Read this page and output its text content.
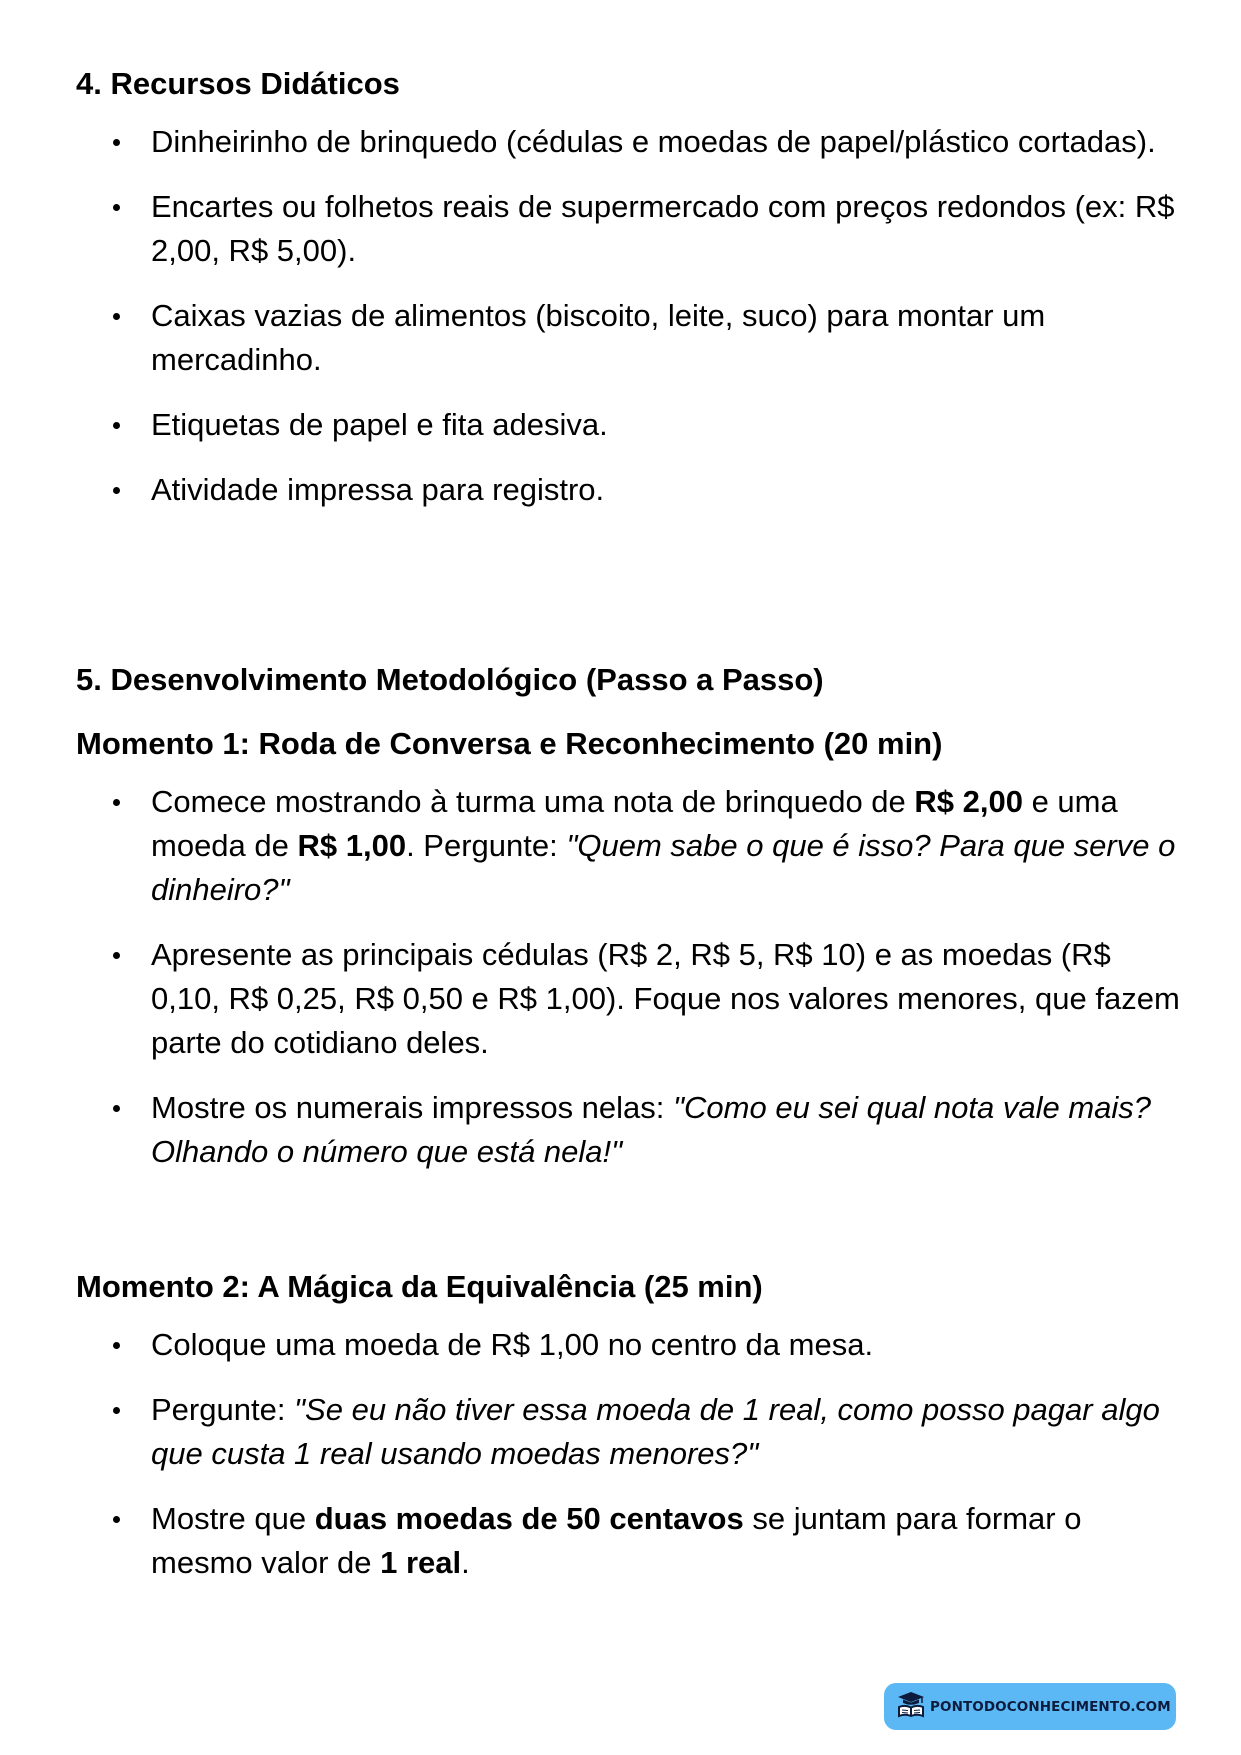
4. Recursos Didáticos
Dinheirinho de brinquedo (cédulas e moedas de papel/plástico cortadas).
Encartes ou folhetos reais de supermercado com preços redondos (ex: R$ 2,00, R$ 5,00).
Caixas vazias de alimentos (biscoito, leite, suco) para montar um mercadinho.
Etiquetas de papel e fita adesiva.
Atividade impressa para registro.
5. Desenvolvimento Metodológico (Passo a Passo)
Momento 1: Roda de Conversa e Reconhecimento (20 min)
Comece mostrando à turma uma nota de brinquedo de R$ 2,00 e uma moeda de R$ 1,00. Pergunte: "Quem sabe o que é isso? Para que serve o dinheiro?"
Apresente as principais cédulas (R$ 2, R$ 5, R$ 10) e as moedas (R$ 0,10, R$ 0,25, R$ 0,50 e R$ 1,00). Foque nos valores menores, que fazem parte do cotidiano deles.
Mostre os numerais impressos nelas: "Como eu sei qual nota vale mais? Olhando o número que está nela!"
Momento 2: A Mágica da Equivalência (25 min)
Coloque uma moeda de R$ 1,00 no centro da mesa.
Pergunte: "Se eu não tiver essa moeda de 1 real, como posso pagar algo que custa 1 real usando moedas menores?"
Mostre que duas moedas de 50 centavos se juntam para formar o mesmo valor de 1 real.
PONTODOCONHECIMENTO.COM
